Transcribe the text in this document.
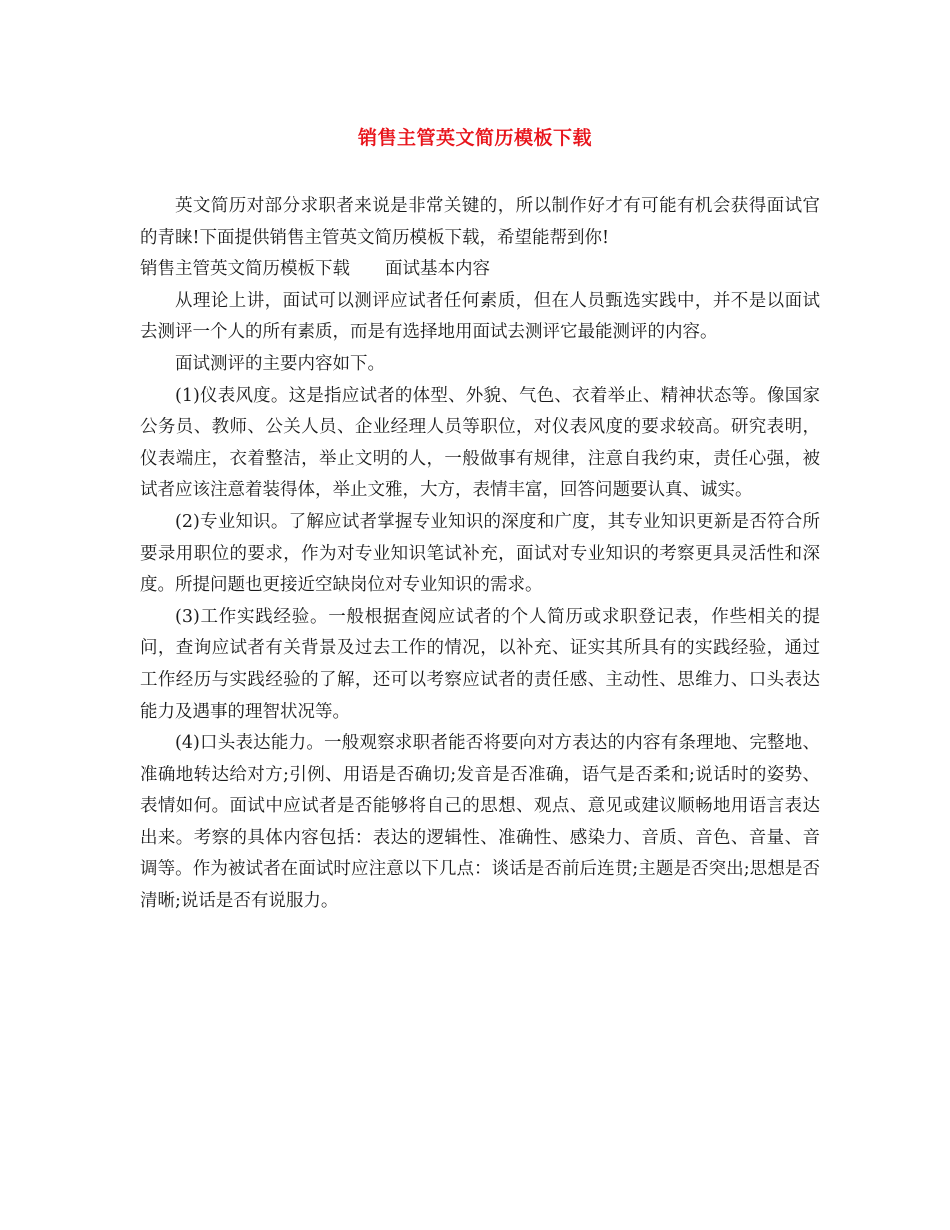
销售主管英文简历模板下载

英文简历对部分求职者来说是非常关键的，所以制作好才有可能有机会获得面试官的青睐!下面提供销售主管英文简历模板下载，希望能帮到你!

销售主管英文简历模板下载　　面试基本内容

从理论上讲，面试可以测评应试者任何素质，但在人员甄选实践中，并不是以面试去测评一个人的所有素质，而是有选择地用面试去测评它最能测评的内容。

面试测评的主要内容如下。

(1)仪表风度。这是指应试者的体型、外貌、气色、衣着举止、精神状态等。像国家公务员、教师、公关人员、企业经理人员等职位，对仪表风度的要求较高。研究表明，仪表端庄，衣着整洁，举止文明的人，一般做事有规律，注意自我约束，责任心强，被试者应该注意着装得体，举止文雅，大方，表情丰富，回答问题要认真、诚实。

(2)专业知识。了解应试者掌握专业知识的深度和广度，其专业知识更新是否符合所要录用职位的要求，作为对专业知识笔试补充，面试对专业知识的考察更具灵活性和深度。所提问题也更接近空缺岗位对专业知识的需求。

(3)工作实践经验。一般根据查阅应试者的个人简历或求职登记表，作些相关的提问，查询应试者有关背景及过去工作的情况，以补充、证实其所具有的实践经验，通过工作经历与实践经验的了解，还可以考察应试者的责任感、主动性、思维力、口头表达能力及遇事的理智状况等。

(4)口头表达能力。一般观察求职者能否将要向对方表达的内容有条理地、完整地、准确地转达给对方;引例、用语是否确切;发音是否准确，语气是否柔和;说话时的姿势、表情如何。面试中应试者是否能够将自己的思想、观点、意见或建议顺畅地用语言表达出来。考察的具体内容包括：表达的逻辑性、准确性、感染力、音质、音色、音量、音调等。作为被试者在面试时应注意以下几点：谈话是否前后连贯;主题是否突出;思想是否清晰;说话是否有说服力。
